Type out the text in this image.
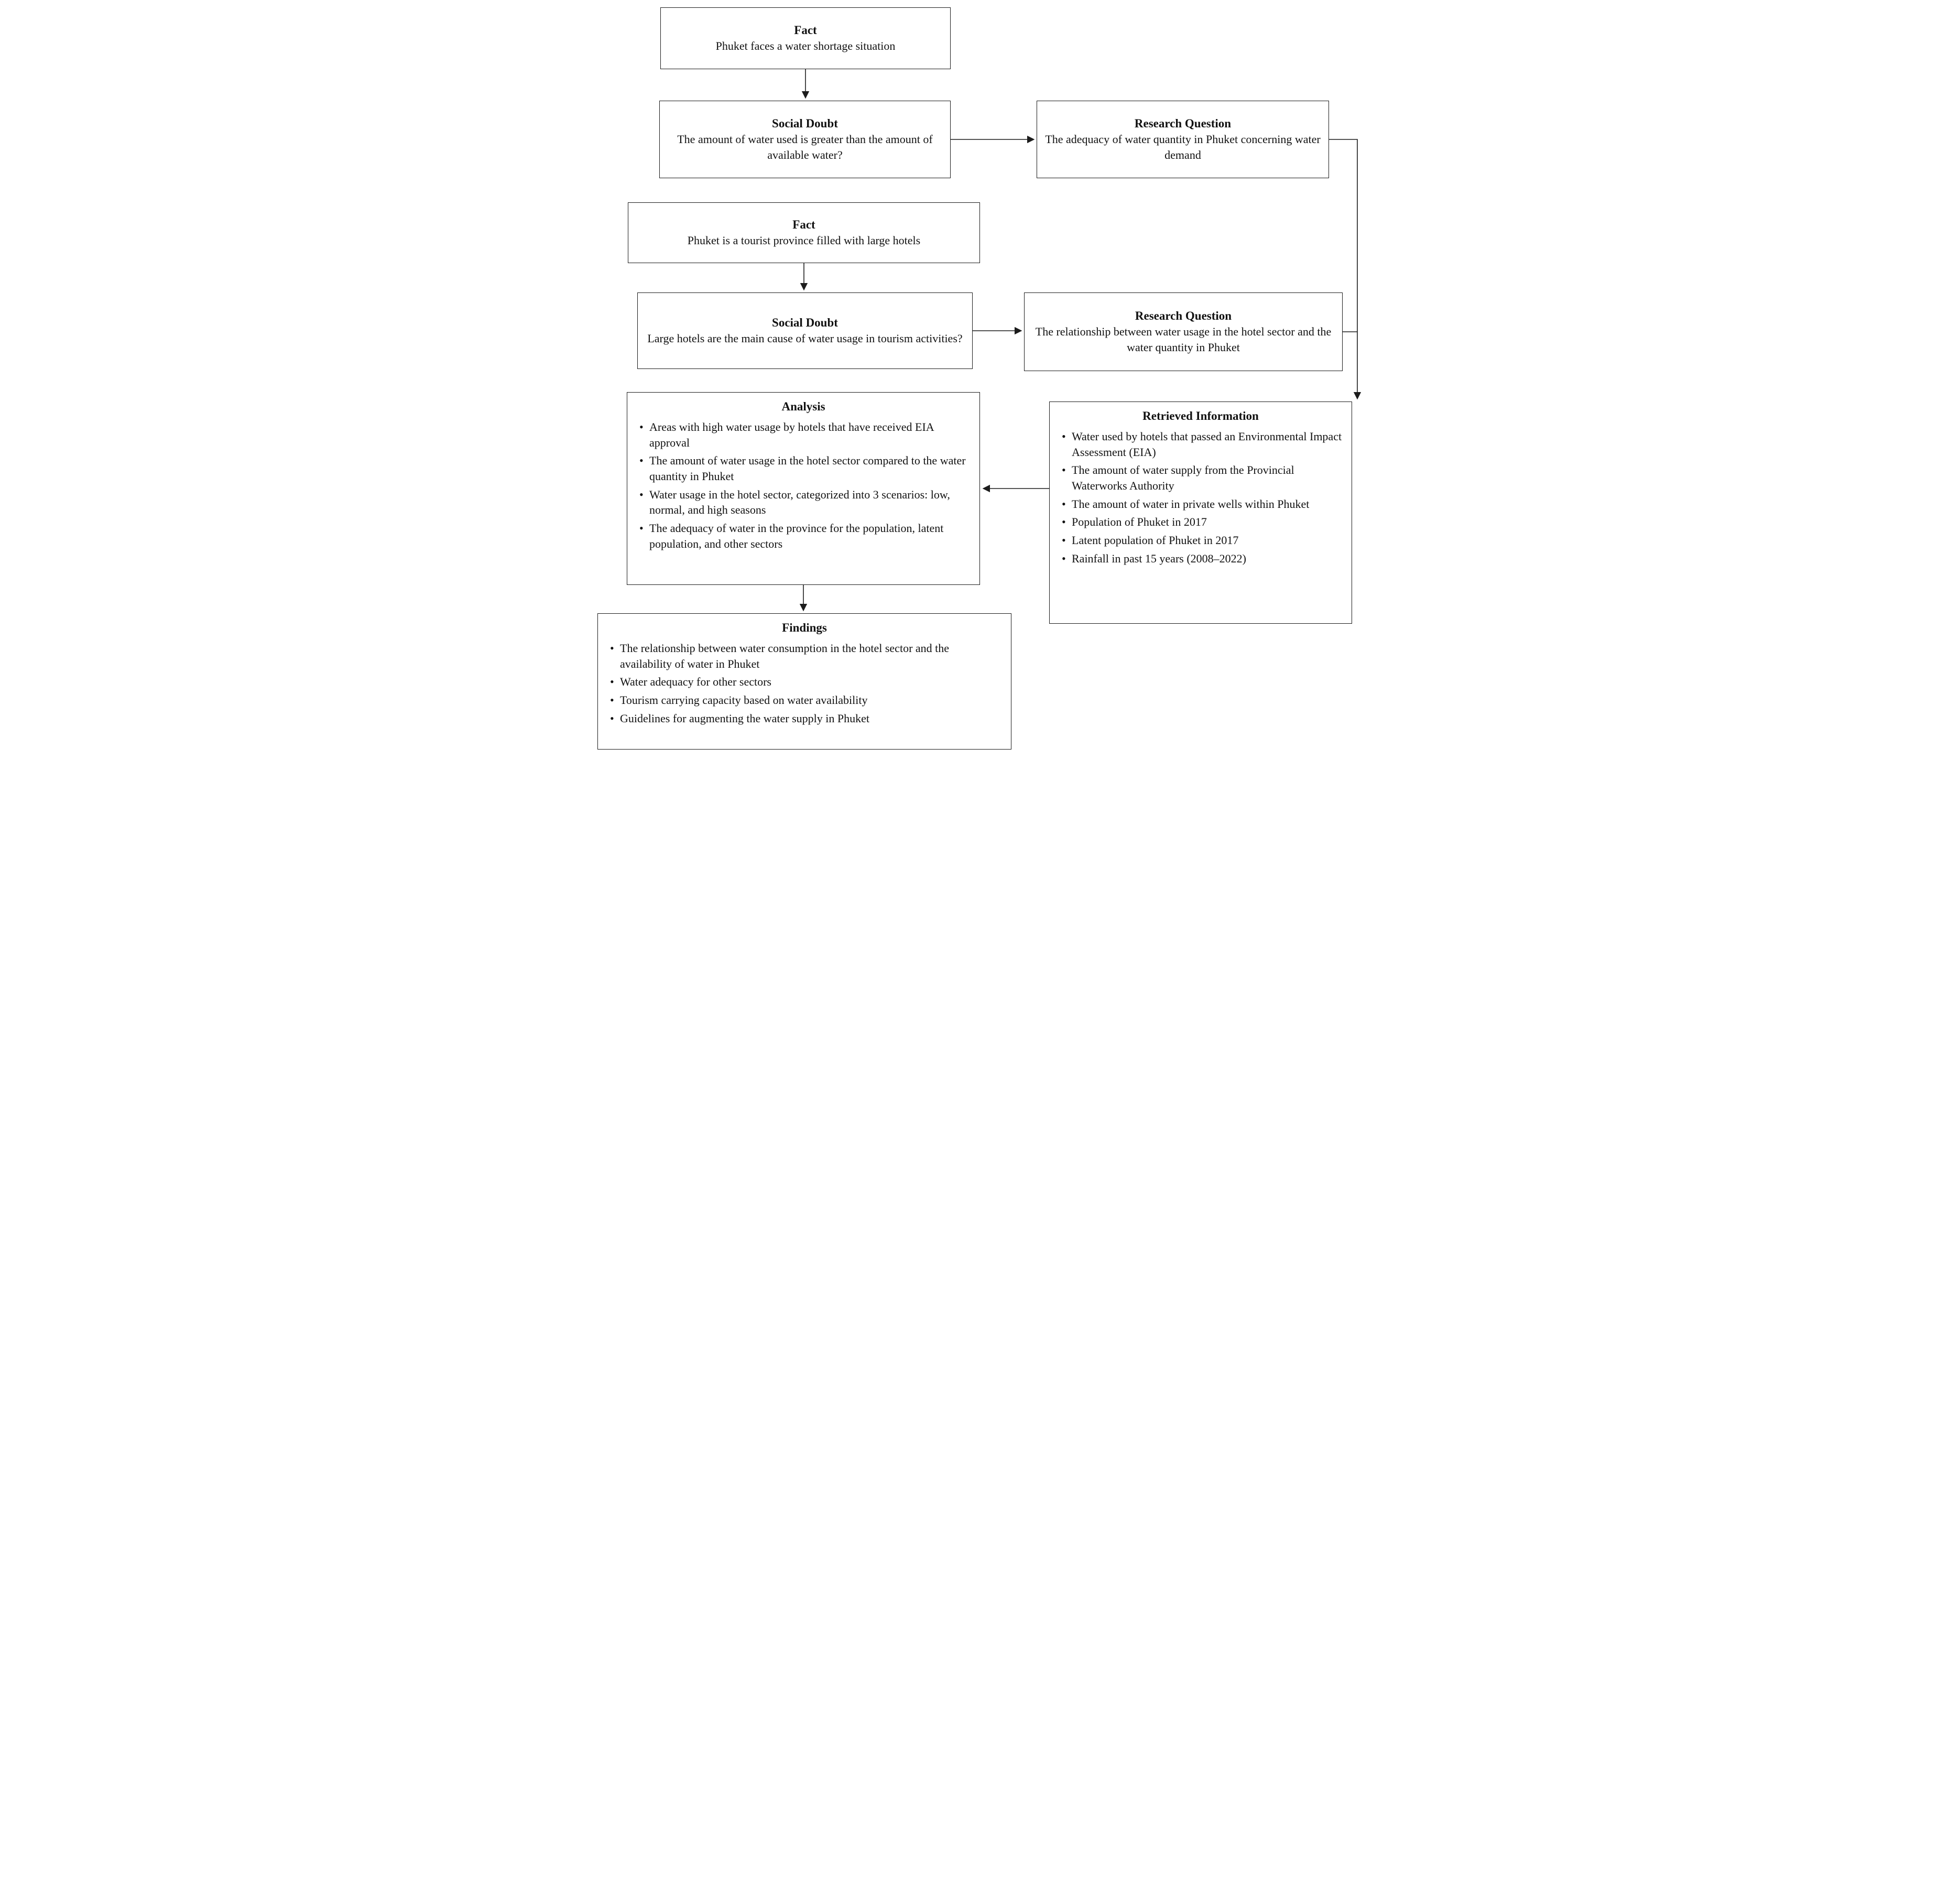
Fact
Phuket faces a water shortage situation
Social Doubt
The amount of water used is greater than the amount of available water?
Research Question
The adequacy of water quantity in Phuket concerning water demand
Fact
Phuket is a tourist province filled with large hotels
Social Doubt
Large hotels are the main cause of water usage in tourism activities?
Research Question
The relationship between water usage in the hotel sector and the water quantity in Phuket
Retrieved Information
• Water used by hotels that passed an Environmental Impact Assessment (EIA)
• The amount of water supply from the Provincial Waterworks Authority
• The amount of water in private wells within Phuket
• Population of Phuket in 2017
• Latent population of Phuket in 2017
• Rainfall in past 15 years (2008–2022)
Analysis
• Areas with high water usage by hotels that have received EIA approval
• The amount of water usage in the hotel sector compared to the water quantity in Phuket
• Water usage in the hotel sector, categorized into 3 scenarios: low, normal, and high seasons
• The adequacy of water in the province for the population, latent population, and other sectors
Findings
• The relationship between water consumption in the hotel sector and the availability of water in Phuket
• Water adequacy for other sectors
• Tourism carrying capacity based on water availability
• Guidelines for augmenting the water supply in Phuket
